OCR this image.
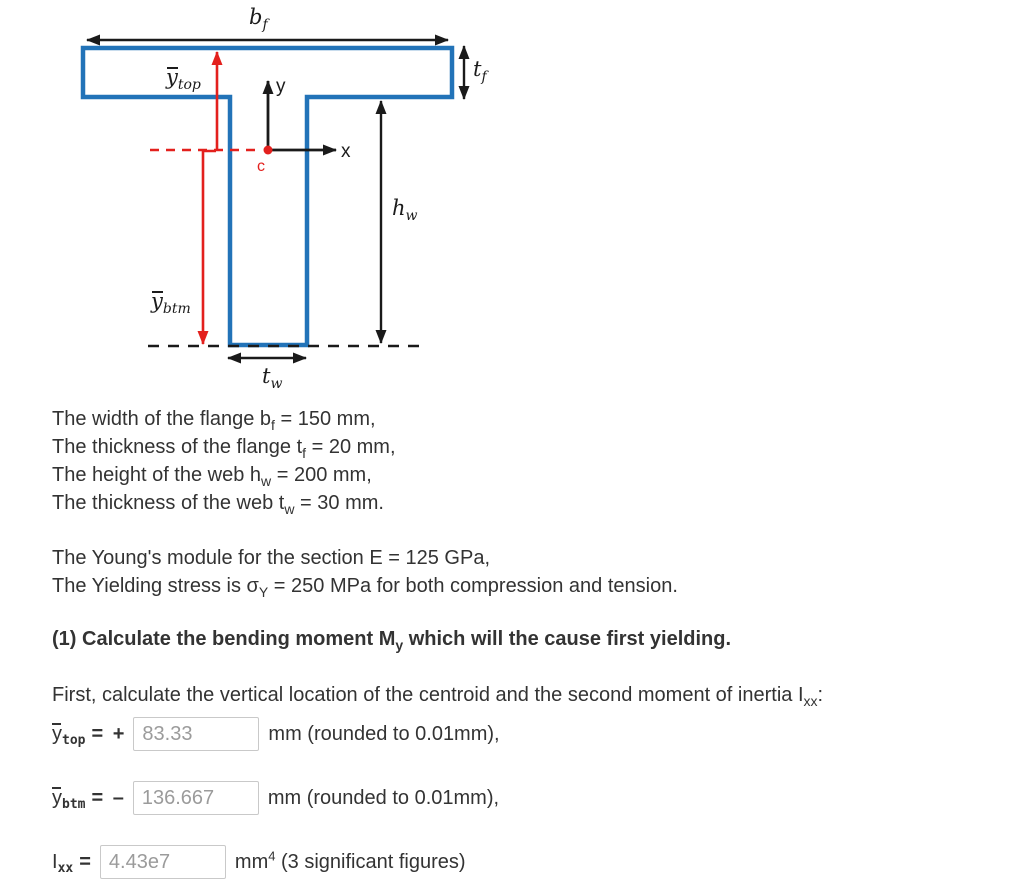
$b_f$
$t_f$
$h_w$
$t_w$
$y_{top}$
$y_{btm}$
y
x
c

The width of the flange $b_f = 150$ mm,

The thickness of the flange $t_f = 20$ mm,

The height of the web $h_w = 200$ mm,

The thickness of the web $t_w = 30$ mm.

The Young's module for the section E = 125 GPa,

The Yielding stress is $\sigma_Y = 250$ MPa for both compression and tension.

(1) Calculate the bending moment $M_y$ which will the cause first yielding.

First, calculate the vertical location of the centroid and the second moment of inertia $I_{xx}$:

y top = +
83.33	mm (rounded to 0.01mm),
y btm = –
136.667	mm (rounded to 0.01mm),
I xx =
4.43e7	$mm^4$ (3 significant figures)
